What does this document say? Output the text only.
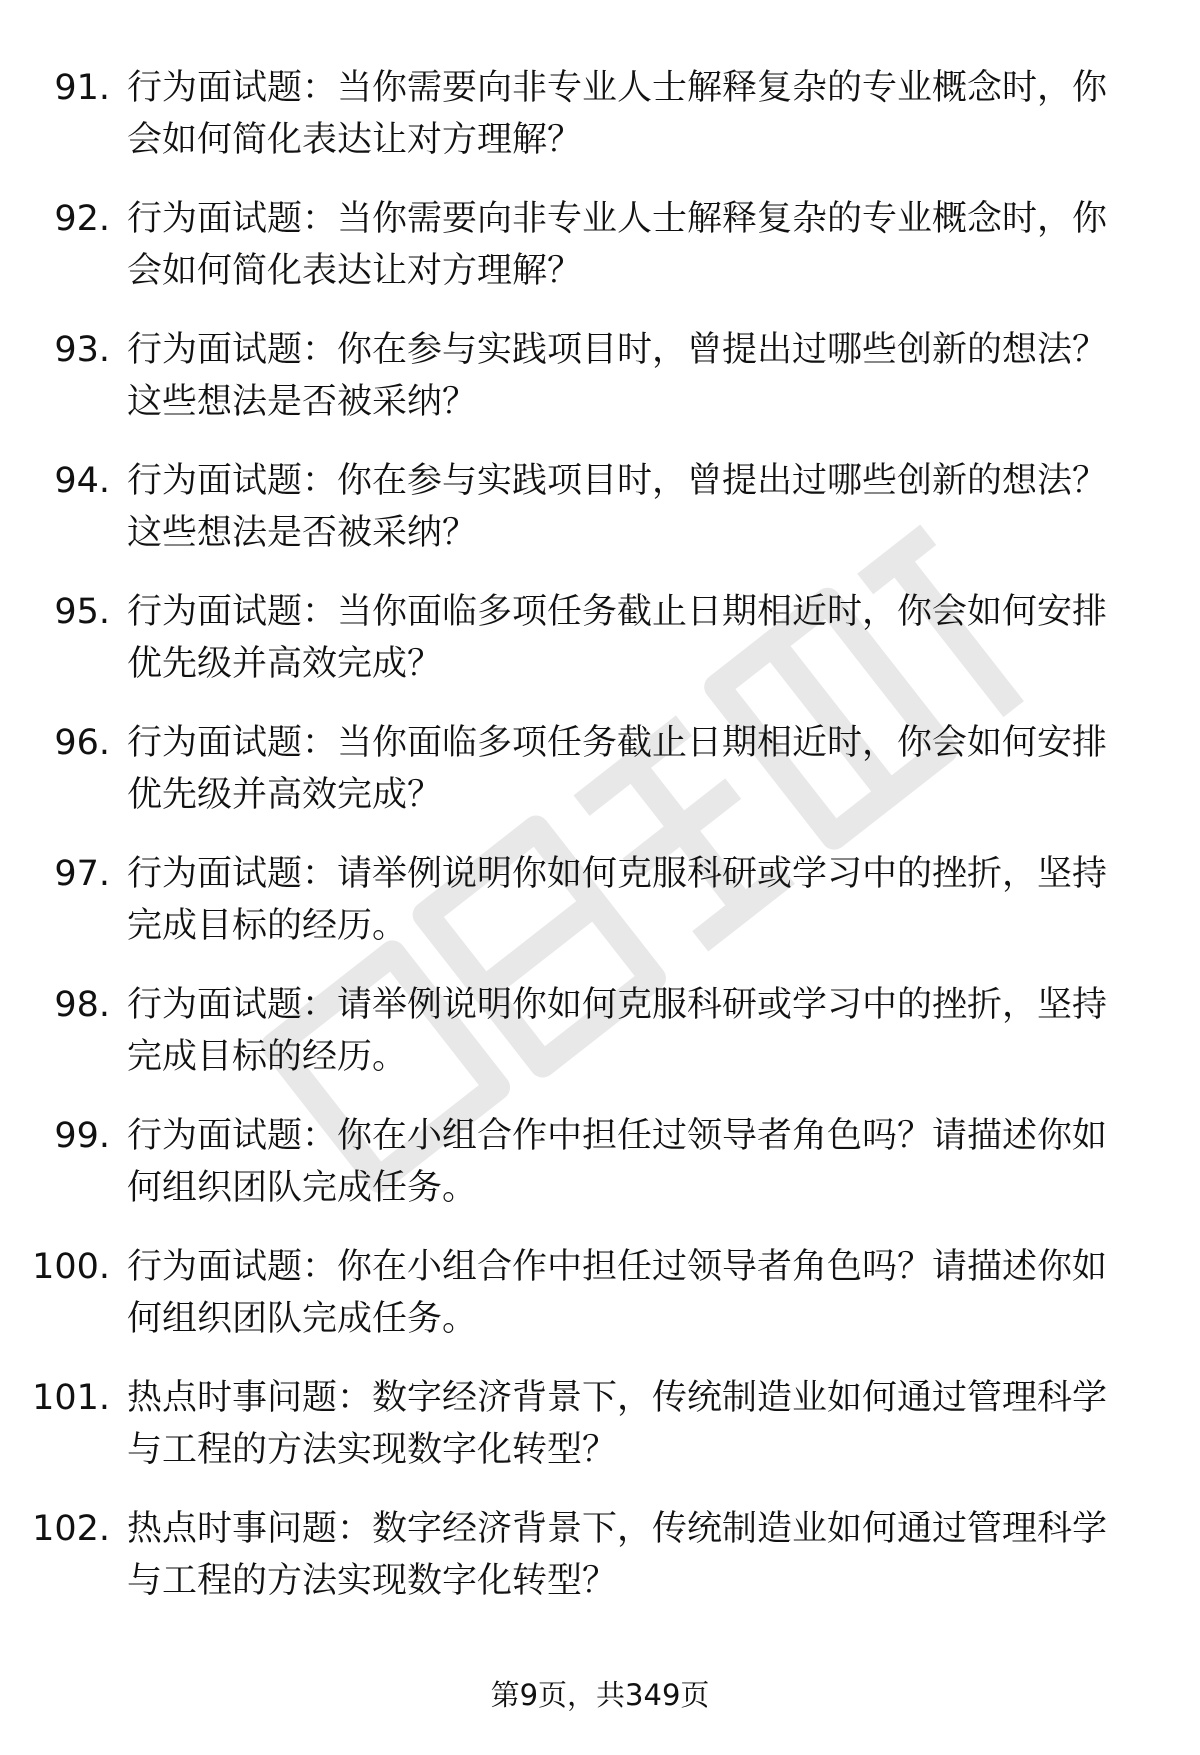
91. 行为面试题：当你需要向非专业人士解释复杂的专业概念时，你会如何简化表达让对方理解？
92. 行为面试题：当你需要向非专业人士解释复杂的专业概念时，你会如何简化表达让对方理解？
93. 行为面试题：你在参与实践项目时，曾提出过哪些创新的想法？这些想法是否被采纳？
94. 行为面试题：你在参与实践项目时，曾提出过哪些创新的想法？这些想法是否被采纳？
95. 行为面试题：当你面临多项任务截止日期相近时，你会如何安排优先级并高效完成？
96. 行为面试题：当你面临多项任务截止日期相近时，你会如何安排优先级并高效完成？
97. 行为面试题：请举例说明你如何克服科研或学习中的挫折，坚持完成目标的经历。
98. 行为面试题：请举例说明你如何克服科研或学习中的挫折，坚持完成目标的经历。
99. 行为面试题：你在小组合作中担任过领导者角色吗？请描述你如何组织团队完成任务。
100. 行为面试题：你在小组合作中担任过领导者角色吗？请描述你如何组织团队完成任务。
101. 热点时事问题：数字经济背景下，传统制造业如何通过管理科学与工程的方法实现数字化转型？
102. 热点时事问题：数字经济背景下，传统制造业如何通过管理科学与工程的方法实现数字化转型？
第9页，共349页
